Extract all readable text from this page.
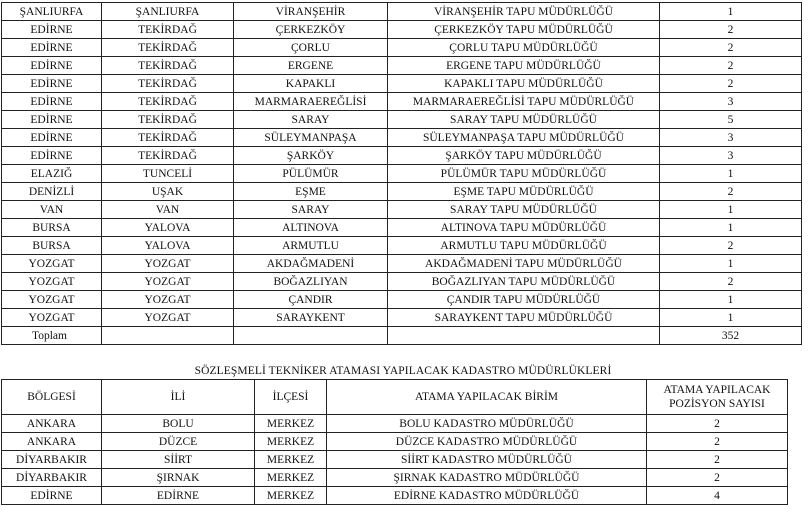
ŞANLIURFA	ŞANLIURFA	VİRANŞEHİR	VİRANŞEHİR TAPU MÜDÜRLÜĞÜ	1
EDİRNE	TEKİRDAĞ	ÇERKEZKÖY	ÇERKEZKÖY TAPU MÜDÜRLÜĞÜ	2
EDİRNE	TEKİRDAĞ	ÇORLU	ÇORLU TAPU MÜDÜRLÜĞÜ	2
EDİRNE	TEKİRDAĞ	ERGENE	ERGENE TAPU MÜDÜRLÜĞÜ	2
EDİRNE	TEKİRDAĞ	KAPAKLI	KAPAKLI TAPU MÜDÜRLÜĞÜ	2
EDİRNE	TEKİRDAĞ	MARMARAEREĞLİSİ	MARMARAEREĞLİSİ TAPU MÜDÜRLÜĞÜ	3
EDİRNE	TEKİRDAĞ	SARAY	SARAY TAPU MÜDÜRLÜĞÜ	5
EDİRNE	TEKİRDAĞ	SÜLEYMANPAŞA	SÜLEYMANPAŞA TAPU MÜDÜRLÜĞÜ	3
EDİRNE	TEKİRDAĞ	ŞARKÖY	ŞARKÖY TAPU MÜDÜRLÜĞÜ	3
ELAZIĞ	TUNCELİ	PÜLÜMÜR	PÜLÜMÜR TAPU MÜDÜRLÜĞÜ	1
DENİZLİ	UŞAK	EŞME	EŞME TAPU MÜDÜRLÜĞÜ	2
VAN	VAN	SARAY	SARAY TAPU MÜDÜRLÜĞÜ	1
BURSA	YALOVA	ALTINOVA	ALTINOVA TAPU MÜDÜRLÜĞÜ	1
BURSA	YALOVA	ARMUTLU	ARMUTLU TAPU MÜDÜRLÜĞÜ	2
YOZGAT	YOZGAT	AKDAĞMADENİ	AKDAĞMADENİ TAPU MÜDÜRLÜĞÜ	1
YOZGAT	YOZGAT	BOĞAZLIYAN	BOĞAZLIYAN TAPU MÜDÜRLÜĞÜ	2
YOZGAT	YOZGAT	ÇANDIR	ÇANDIR TAPU MÜDÜRLÜĞÜ	1
YOZGAT	YOZGAT	SARAYKENT	SARAYKENT TAPU MÜDÜRLÜĞÜ	1
Toplam				352
SÖZLEŞMELİ TEKNİKER ATAMASI YAPILACAK KADASTRO MÜDÜRLÜKLERİ
BÖLGESİ	İLİ	İLÇESİ	ATAMA YAPILACAK BİRİM	ATAMA YAPILACAK POZİSYON SAYISI
ANKARA	BOLU	MERKEZ	BOLU KADASTRO MÜDÜRLÜĞÜ	2
ANKARA	DÜZCE	MERKEZ	DÜZCE KADASTRO MÜDÜRLÜĞÜ	2
DİYARBAKIR	SİİRT	MERKEZ	SİİRT KADASTRO MÜDÜRLÜĞÜ	2
DİYARBAKIR	ŞIRNAK	MERKEZ	ŞIRNAK KADASTRO MÜDÜRLÜĞÜ	2
EDİRNE	EDİRNE	MERKEZ	EDİRNE KADASTRO MÜDÜRLÜĞÜ	4
